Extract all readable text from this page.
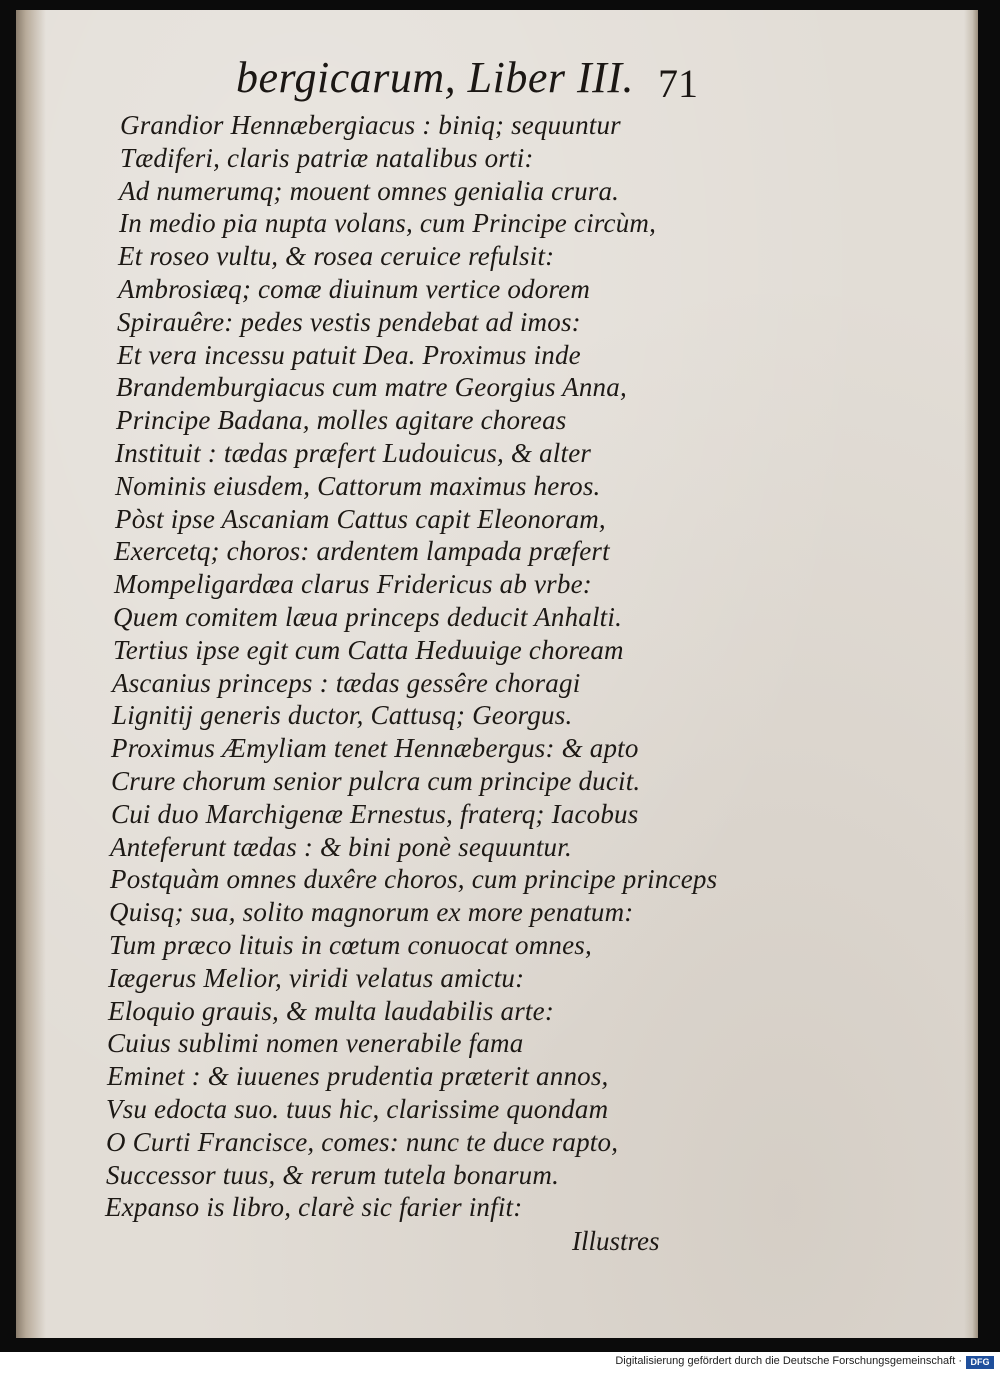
bergicarum, Liber III. 71
Grandior Hennæbergiacus : biniq; sequuntur
Tædiferi, claris patriæ natalibus orti:
Ad numerumq; mouent omnes genialia crura.
In medio pia nupta volans, cum Principe circùm,
Et roseo vultu, & rosea ceruice refulsit:
Ambrosiæq; comæ diuinum vertice odorem
Spirauêre: pedes vestis pendebat ad imos:
Et vera incessu patuit Dea. Proximus inde
Brandemburgiacus cum matre Georgius Anna,
Principe Badana, molles agitare choreas
Instituit : tædas præfert Ludouicus, & alter
Nominis eiusdem, Cattorum maximus heros.
Pòst ipse Ascaniam Cattus capit Eleonoram,
Exercetq; choros: ardentem lampada præfert
Mompeligardæa clarus Fridericus ab vrbe:
Quem comitem læua princeps deducit Anhalti.
Tertius ipse egit cum Catta Heduuige choream
Ascanius princeps : tædas gessêre choragi
Lignitij generis ductor, Cattusq; Georgus.
Proximus Æmyliam tenet Hennæbergus: & apto
Crure chorum senior pulcra cum principe ducit.
Cui duo Marchigenæ Ernestus, fraterq; Iacobus
Anteferunt tædas : & bini ponè sequuntur.
Postquàm omnes duxêre choros, cum principe princeps
Quisq; sua, solito magnorum ex more penatum:
Tum præco lituis in cœtum conuocat omnes,
Iægerus Melior, viridi velatus amictu:
Eloquio grauis, & multa laudabilis arte:
Cuius sublimi nomen venerabile fama
Eminet : & iuuenes prudentia præterit annos,
Vsu edocta suo. tuus hic, clarissime quondam
O Curti Francisce, comes: nunc te duce rapto,
Successor tuus, & rerum tutela bonarum.
Expanso is libro, clarè sic farier infit:
Illustres
Digitalisierung gefördert durch die Deutsche Forschungsgemeinschaft · DFG
